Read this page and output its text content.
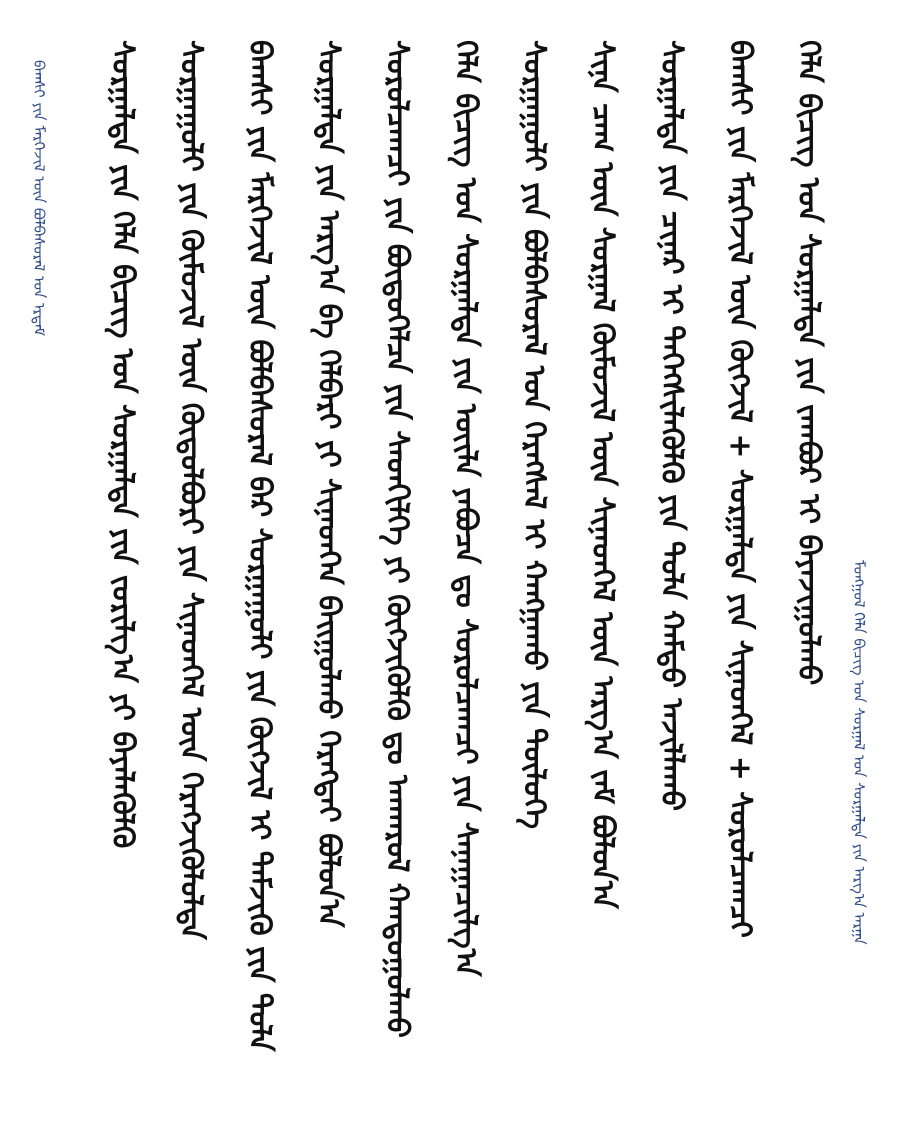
ᠪᠠᠭᠰᠢ ᠶᠢᠨ ᠮᠡᠷᠭᠡᠵᠢᠯ ᠦᠨ ᠪᠣᠯᠪᠠᠰᠤᠷᠠᠯ ᠤᠨ ᠡᠷᠳᠡᠮ	ᠰᠤᠷᠭᠠᠯᠲᠠ ᠶᠢᠨ ᠬᠡᠯᠡ ᠪᠢᠴᠢᠭ ᠤᠨ ᠰᠤᠷᠭᠠᠯᠲᠠ ᠶᠢᠨ ᠵᠣᠷᠢᠯᠭ᠎ᠠ ᠶᠢ ᠪᠡᠶᠡᠯᠡᠭᠦᠯᠬᠦ ᠰᠤᠷᠭᠠᠭᠤᠯᠢ ᠶᠢᠨ ᠬᠦᠮᠦᠵᠢᠯ ᠦᠨ ᠬᠥᠲᠦᠯᠪᠦᠷᠢ ᠶᠢᠨ ᠰᠢᠨᠡᠳᠬᠡᠯ ᠦᠨ ᠬᠡᠷᠡᠭᠵᠢᠭᠦᠯᠦᠯᠲᠡ ᠪᠠᠭᠰᠢ ᠶᠢᠨ ᠮᠡᠷᠭᠡᠵᠢᠯ ᠦᠨ ᠪᠣᠯᠪᠠᠰᠤᠷᠠᠯ ᠪᠡᠷ ᠰᠤᠷᠭᠠᠭᠤᠯᠢ ᠶᠢᠨ ᠬᠥᠭᠵᠢᠯ ᠢ ᠳᠡᠮᠵᠢᠬᠦ ᠶᠢᠨ ᠲᠤᠯᠠ ᠰᠤᠷᠭᠠᠯᠲᠠ ᠶᠢᠨ ᠠᠷᠭ᠎ᠠ ᠪᠠ ᠬᠡᠯᠪᠡᠷᠢ ᠶᠢ ᠰᠢᠨᠡᠳᠭᠡᠨ ᠪᠠᠢᠭᠤᠯᠬᠤ ᠬᠡᠷᠡᠭᠲᠡᠢ ᠪᠣᠯᠤᠨ᠎ᠠ ᠰᠤᠷᠤᠯᠴᠠᠭᠴᠢ ᠶᠢᠨ ᠪᠦᠲᠦᠭᠡᠯᠴᠡ ᠶᠢᠨ ᠰᠡᠳᠬᠢᠯᠭᠡ ᠶᠢ ᠬᠥᠭᠵᠢᠭᠦᠯᠬᠦ ᠳᠤ ᠠᠨᠬᠠᠷᠤᠯ ᠬᠠᠨᠳᠤᠭᠤᠯᠬᠤ ᠬᠡᠯᠡ ᠪᠢᠴᠢᠭ ᠤᠨ ᠰᠤᠷᠭᠠᠯᠲᠠ ᠶᠢᠨ ᠦᠢᠯᠡ ᠶᠠᠪᠤᠴᠠ ᠳᠤ ᠰᠤᠷᠤᠯᠴᠠᠭᠴᠢ ᠶᠢᠨ ᠰᠠᠨᠠᠭᠠᠴᠢᠯᠭ᠎ᠠ ᠰᠤᠷᠭᠠᠭᠤᠯᠢ ᠶᠢᠨ ᠪᠣᠯᠪᠠᠰᠤᠷᠠᠯ ᠤᠨ ᠬᠡᠷᠡᠭᠰᠡᠯ ᠢ ᠬᠠᠩᠭᠠᠬᠤ ᠶᠢᠨ ᠲᠥᠯᠥᠭᠡ ᠰᠢᠨᠡ ᠴᠠᠭ ᠦᠨ ᠰᠤᠷᠭᠠᠯ ᠬᠦᠮᠦᠵᠢᠯ ᠦᠨ ᠰᠢᠨᠡᠳᠬᠡᠯ ᠦᠨ ᠠᠷᠭ᠎ᠠ ᠵᠠᠮ ᠪᠣᠯᠤᠨ᠎ᠠ ᠰᠤᠷᠭᠠᠯᠲᠠ ᠶᠢᠨ ᠴᠢᠨᠠᠷ ᠢ ᠳᠡᠭᠡᠭᠰᠢᠯᠡᠭᠦᠯᠬᠦ ᠶᠢᠨ ᠲᠤᠯᠠ ᠬᠠᠮᠲᠤ ᠠᠵᠢᠯᠯᠠᠬᠤ ᠪᠠᠭᠰᠢ ᠶᠢᠨ ᠮᠡᠷᠭᠡᠵᠢᠯ ᠦᠨ ᠬᠥᠭᠵᠢᠯ + ᠰᠤᠷᠭᠠᠯᠲᠠ ᠶᠢᠨ ᠰᠢᠨᠡᠳᠬᠡᠯ + ᠰᠤᠷᠤᠯᠴᠠᠭᠴᠢ ᠬᠡᠯᠡ ᠪᠢᠴᠢᠭ ᠤᠨ ᠰᠤᠷᠭᠠᠯᠲᠠ ᠶᠢᠨ ᠵᠠᠭᠪᠤᠷ ᠢ ᠪᠠᠶᠠᠵᠢᠭᠤᠯᠬᠤ
ᠮᠣᠩᠭᠣᠯ ᠬᠡᠯᠡ ᠪᠢᠴᠢᠭ ᠤᠨ ᠰᠤᠷᠭᠠᠯ ᠤᠨ ᠰᠤᠷᠭᠠᠯᠲᠠ ᠶᠢᠨ ᠠᠷᠭ᠎ᠠ ᠠᠷᠭᠠ
